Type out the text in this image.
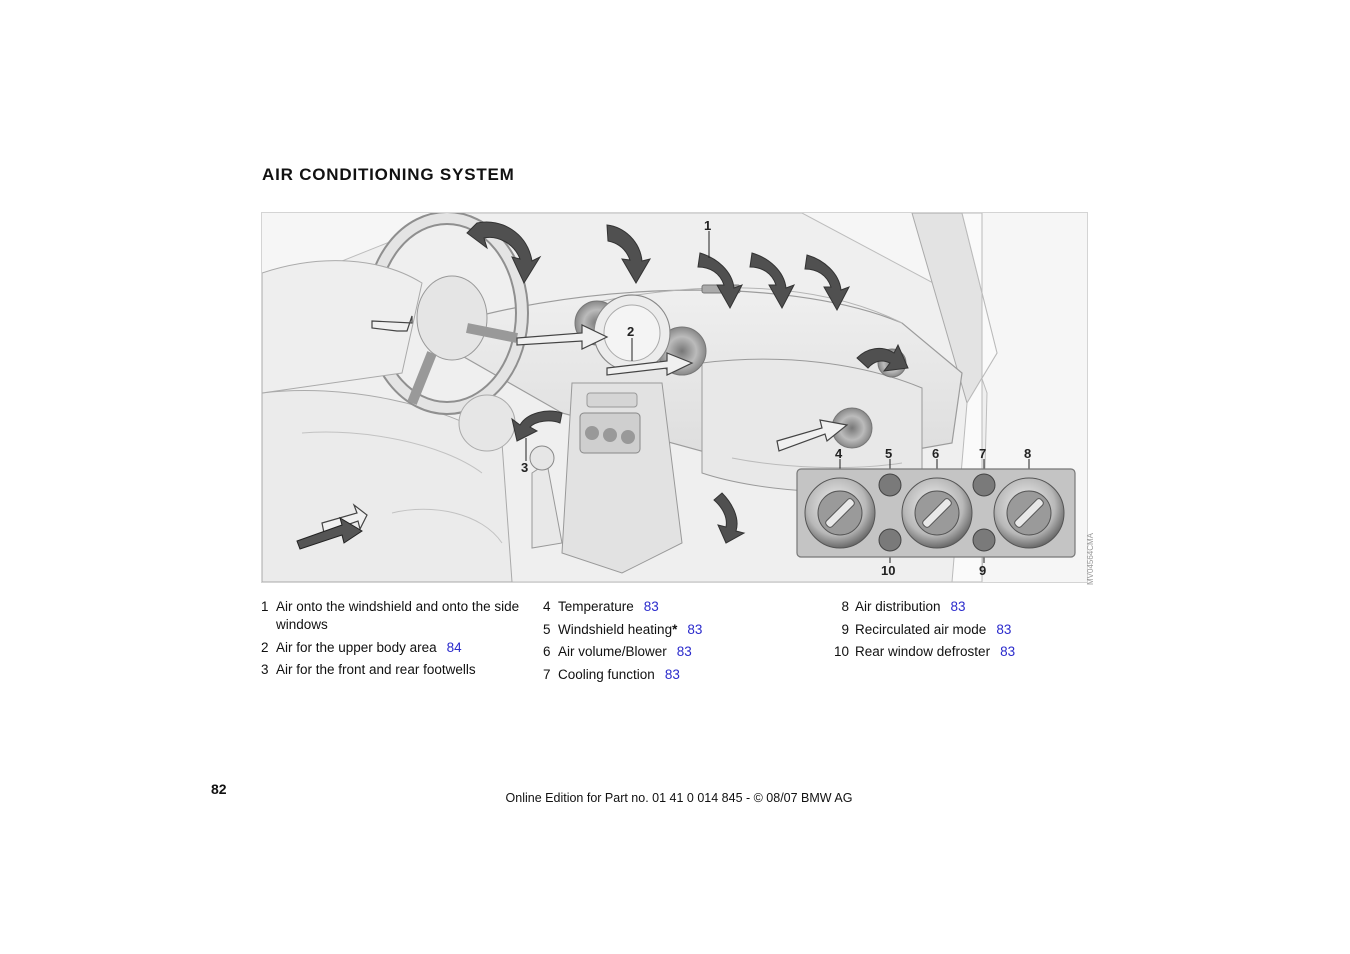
AIR CONDITIONING SYSTEM
1
2
3
4	5	6	7	8
9
10	MV04564CMA
1 Air onto the windshield and onto the side windows
2 Air for the upper body area 84
3 Air for the front and rear footwells
4 Temperature 83
5 Windshield heating* 83
6 Air volume/Blower 83
7 Cooling function 83
8 Air distribution 83
9 Recirculated air mode 83
10 Rear window defroster 83
82
Online Edition for Part no. 01 41 0 014 845 - © 08/07 BMW AG
